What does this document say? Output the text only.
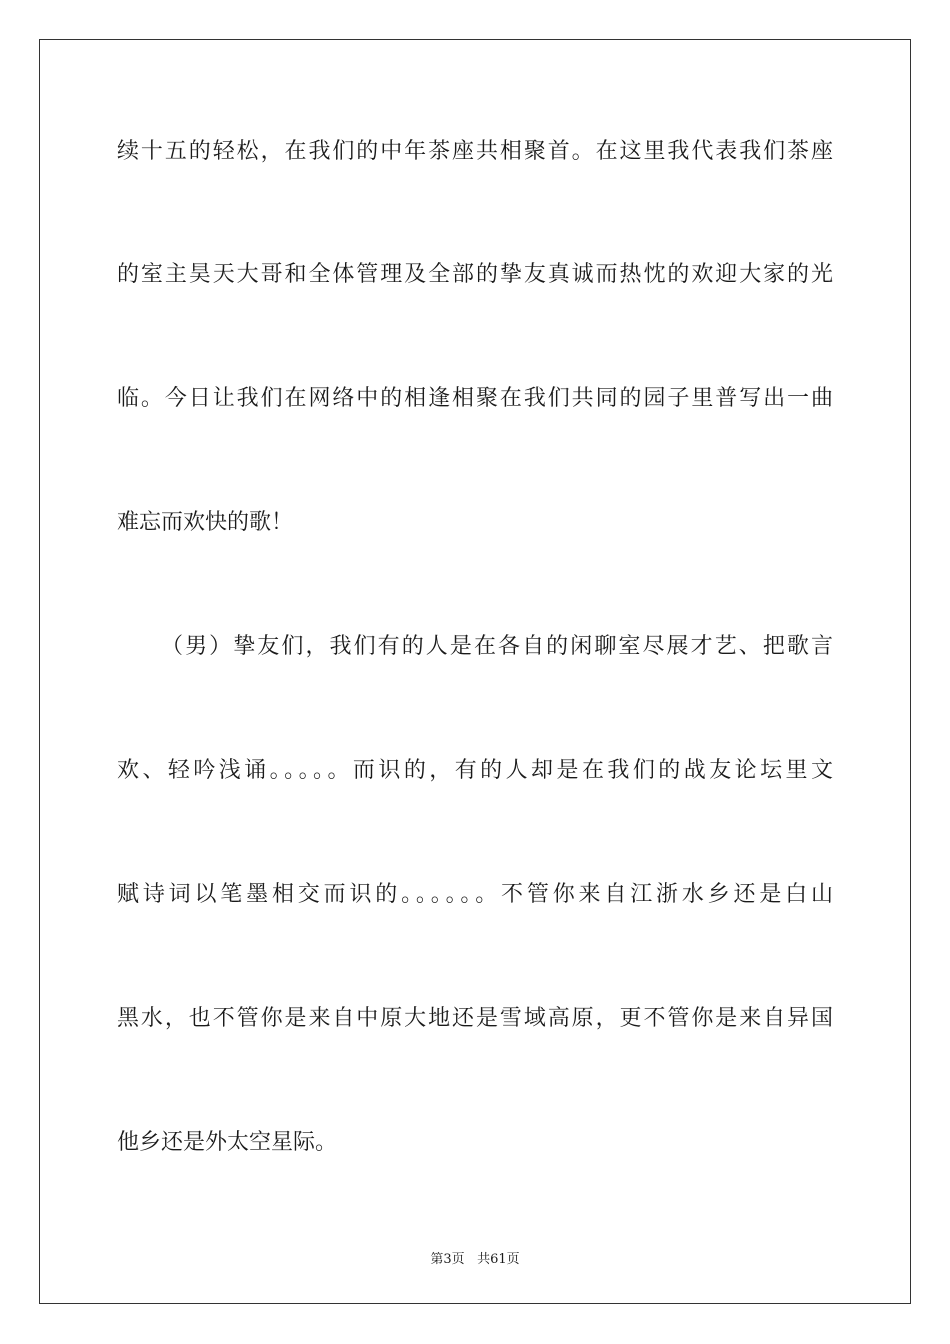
续十五的轻松，在我们的中年茶座共相聚首。在这里我代表我们茶座
的室主昊天大哥和全体管理及全部的挚友真诚而热忱的欢迎大家的光
临。今日让我们在网络中的相逢相聚在我们共同的园子里普写出一曲
难忘而欢快的歌！
（男）挚友们，我们有的人是在各自的闲聊室尽展才艺、把歌言
欢、轻吟浅诵。。。。。而识的，有的人却是在我们的战友论坛里文
赋诗词以笔墨相交而识的。。。。。。不管你来自江浙水乡还是白山
黑水，也不管你是来自中原大地还是雪域高原，更不管你是来自异国
他乡还是外太空星际。
第3页 共61页
